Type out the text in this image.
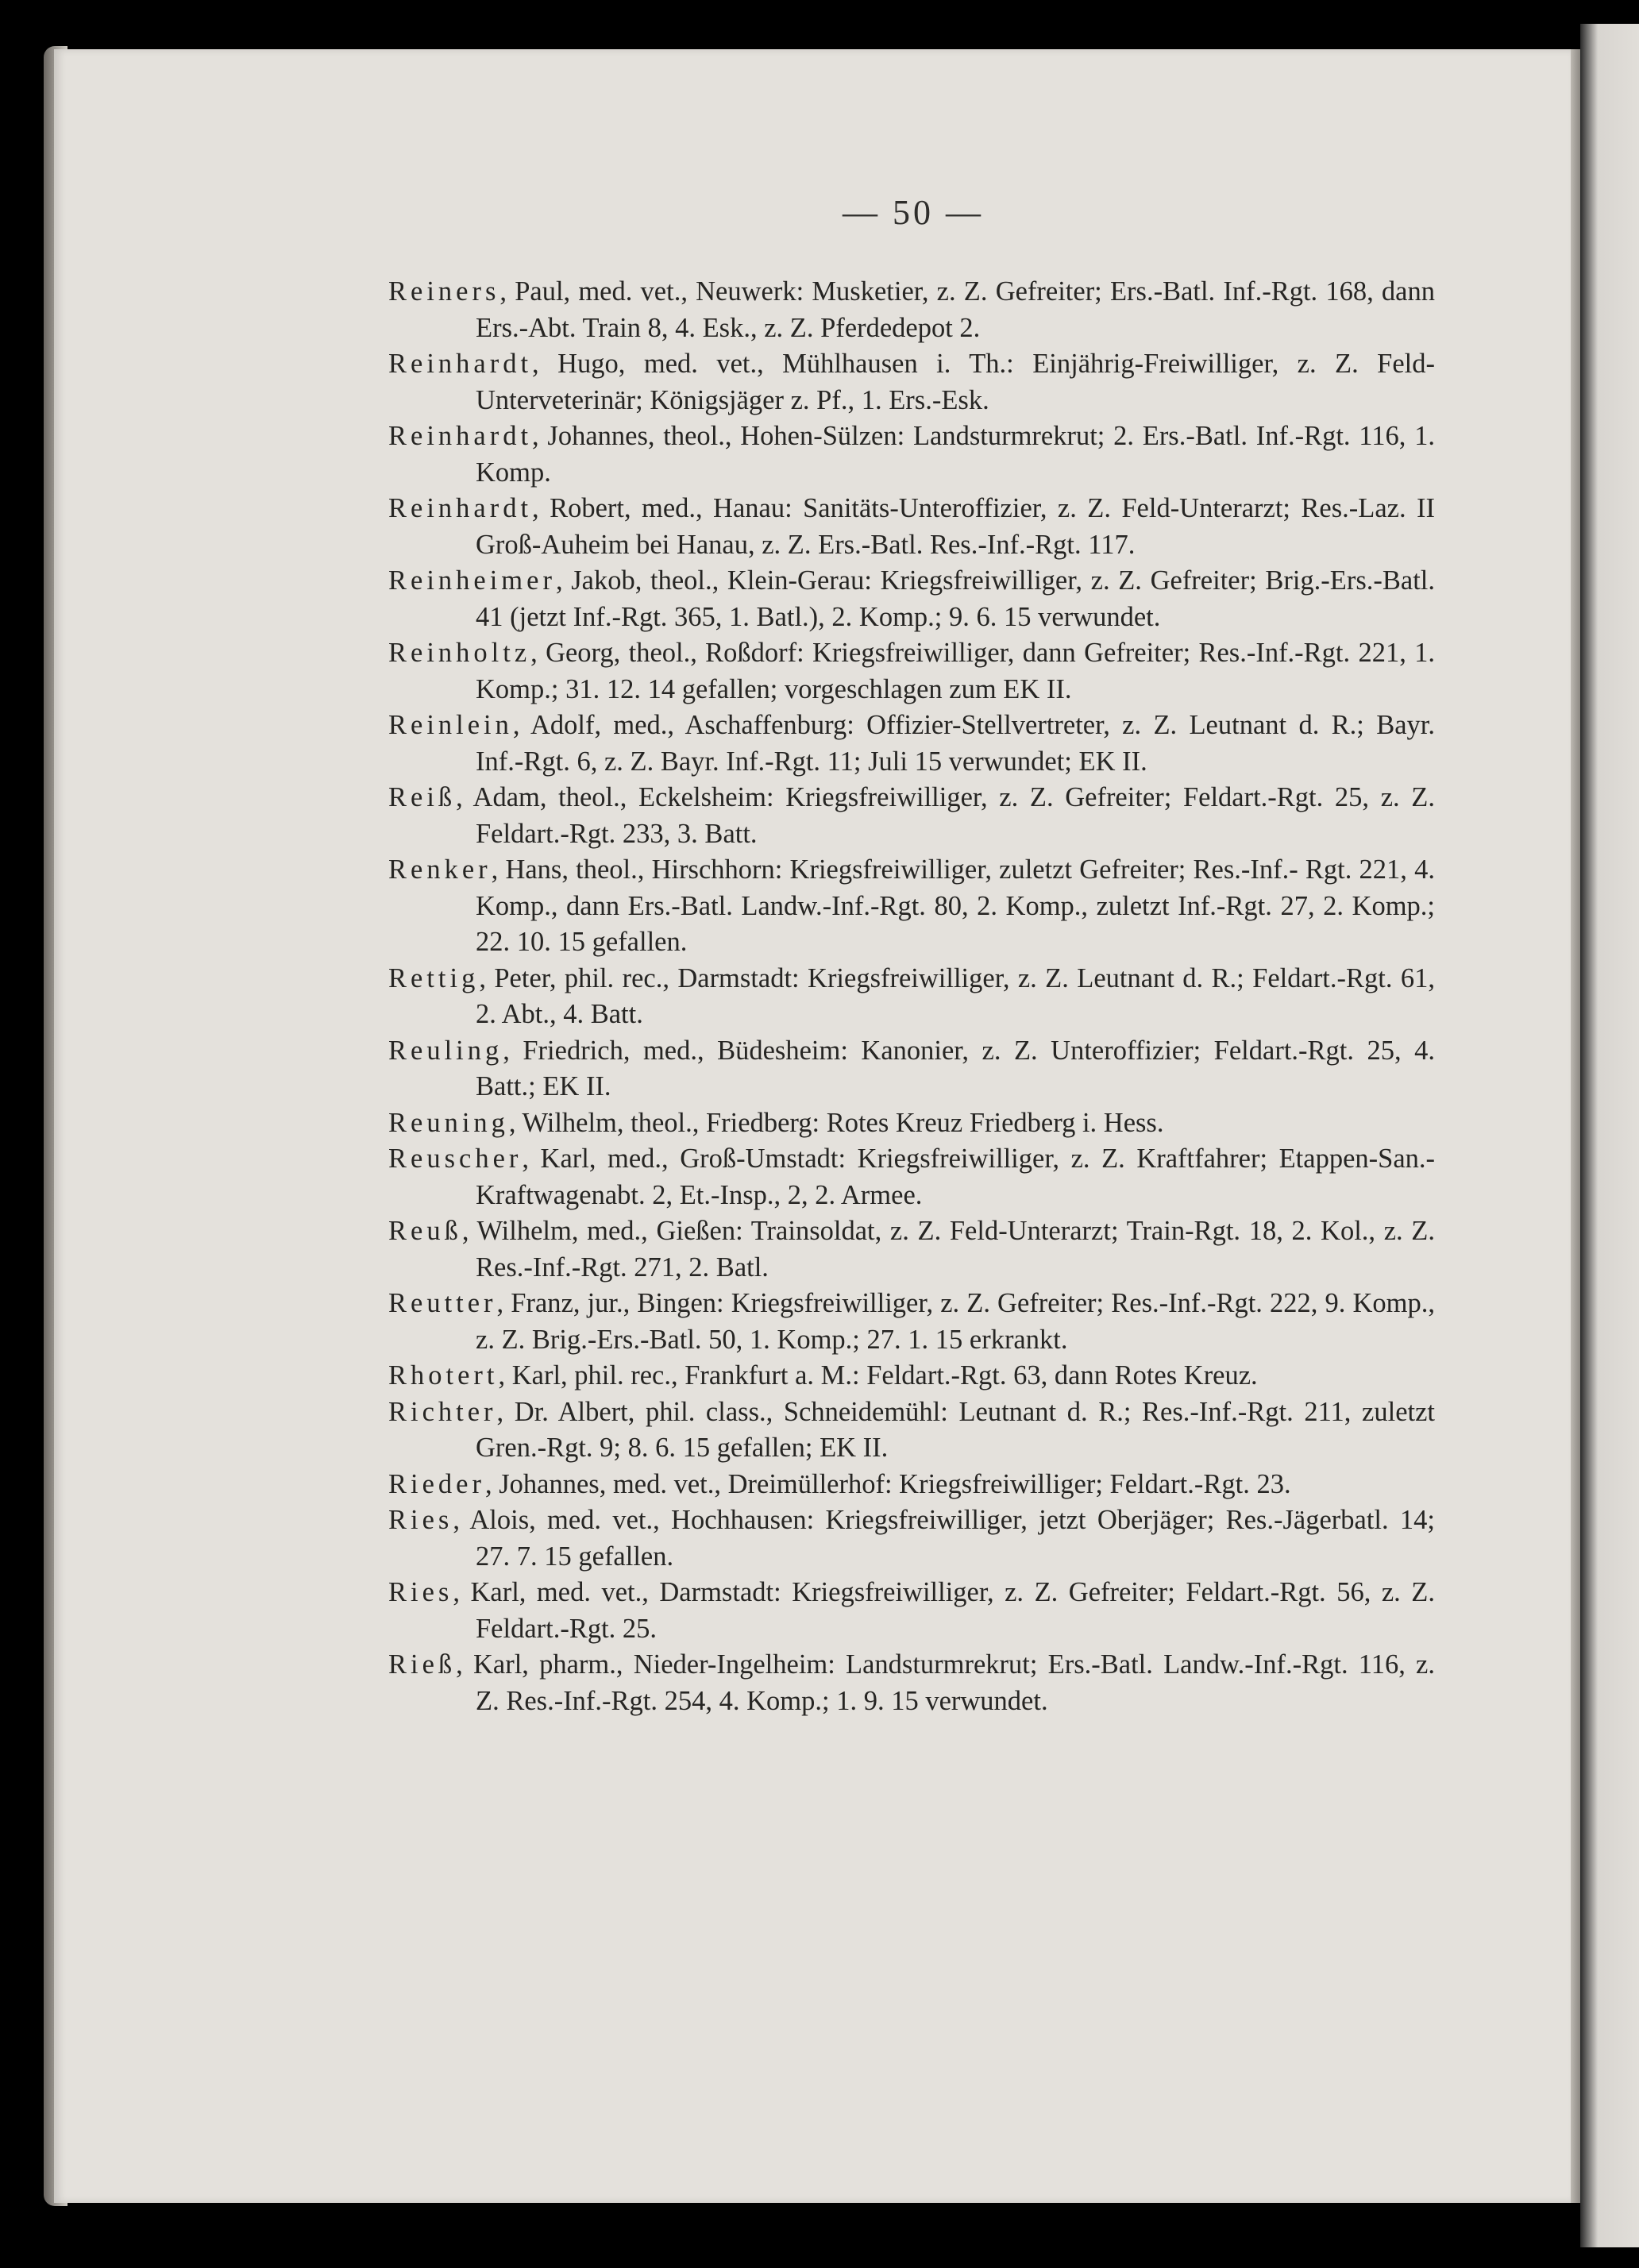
— 50 —

Reiners, Paul, med. vet., Neuwerk: Musketier, z. Z. Gefreiter; Ers.-Batl. Inf.-Rgt. 168, dann Ers.-Abt. Train 8, 4. Esk., z. Z. Pferdedepot 2.

Reinhardt, Hugo, med. vet., Mühlhausen i. Th.: Einjährig-Freiwilliger, z. Z. Feld-Unterveterinär; Königsjäger z. Pf., 1. Ers.-Esk.

Reinhardt, Johannes, theol., Hohen-Sülzen: Landsturmrekrut; 2. Ers.-Batl. Inf.-Rgt. 116, 1. Komp.

Reinhardt, Robert, med., Hanau: Sanitäts-Unteroffizier, z. Z. Feld-Unterarzt; Res.-Laz. II Groß-Auheim bei Hanau, z. Z. Ers.-Batl. Res.-Inf.-Rgt. 117.

Reinheimer, Jakob, theol., Klein-Gerau: Kriegsfreiwilliger, z. Z. Gefreiter; Brig.-Ers.-Batl. 41 (jetzt Inf.-Rgt. 365, 1. Batl.), 2. Komp.; 9. 6. 15 verwundet.

Reinholtz, Georg, theol., Roßdorf: Kriegsfreiwilliger, dann Gefreiter; Res.-Inf.-Rgt. 221, 1. Komp.; 31. 12. 14 gefallen; vorgeschlagen zum EK II.

Reinlein, Adolf, med., Aschaffenburg: Offizier-Stellvertreter, z. Z. Leutnant d. R.; Bayr. Inf.-Rgt. 6, z. Z. Bayr. Inf.-Rgt. 11; Juli 15 verwundet; EK II.

Reiß, Adam, theol., Eckelsheim: Kriegsfreiwilliger, z. Z. Gefreiter; Feldart.-Rgt. 25, z. Z. Feldart.-Rgt. 233, 3. Batt.

Renker, Hans, theol., Hirschhorn: Kriegsfreiwilliger, zuletzt Gefreiter; Res.-Inf.- Rgt. 221, 4. Komp., dann Ers.-Batl. Landw.-Inf.-Rgt. 80, 2. Komp., zuletzt Inf.-Rgt. 27, 2. Komp.; 22. 10. 15 gefallen.

Rettig, Peter, phil. rec., Darmstadt: Kriegsfreiwilliger, z. Z. Leutnant d. R.; Feldart.-Rgt. 61, 2. Abt., 4. Batt.

Reuling, Friedrich, med., Büdesheim: Kanonier, z. Z. Unteroffizier; Feldart.-Rgt. 25, 4. Batt.; EK II.

Reuning, Wilhelm, theol., Friedberg: Rotes Kreuz Friedberg i. Hess.

Reuscher, Karl, med., Groß-Umstadt: Kriegsfreiwilliger, z. Z. Kraftfahrer; Etappen-San.-Kraftwagenabt. 2, Et.-Insp., 2, 2. Armee.

Reuß, Wilhelm, med., Gießen: Trainsoldat, z. Z. Feld-Unterarzt; Train-Rgt. 18, 2. Kol., z. Z. Res.-Inf.-Rgt. 271, 2. Batl.

Reutter, Franz, jur., Bingen: Kriegsfreiwilliger, z. Z. Gefreiter; Res.-Inf.-Rgt. 222, 9. Komp., z. Z. Brig.-Ers.-Batl. 50, 1. Komp.; 27. 1. 15 erkrankt.

Rhotert, Karl, phil. rec., Frankfurt a. M.: Feldart.-Rgt. 63, dann Rotes Kreuz.

Richter, Dr. Albert, phil. class., Schneidemühl: Leutnant d. R.; Res.-Inf.-Rgt. 211, zuletzt Gren.-Rgt. 9; 8. 6. 15 gefallen; EK II.

Rieder, Johannes, med. vet., Dreimüllerhof: Kriegsfreiwilliger; Feldart.-Rgt. 23.

Ries, Alois, med. vet., Hochhausen: Kriegsfreiwilliger, jetzt Oberjäger; Res.-Jägerbatl. 14; 27. 7. 15 gefallen.

Ries, Karl, med. vet., Darmstadt: Kriegsfreiwilliger, z. Z. Gefreiter; Feldart.-Rgt. 56, z. Z. Feldart.-Rgt. 25.

Rieß, Karl, pharm., Nieder-Ingelheim: Landsturmrekrut; Ers.-Batl. Landw.-Inf.-Rgt. 116, z. Z. Res.-Inf.-Rgt. 254, 4. Komp.; 1. 9. 15 verwundet.
